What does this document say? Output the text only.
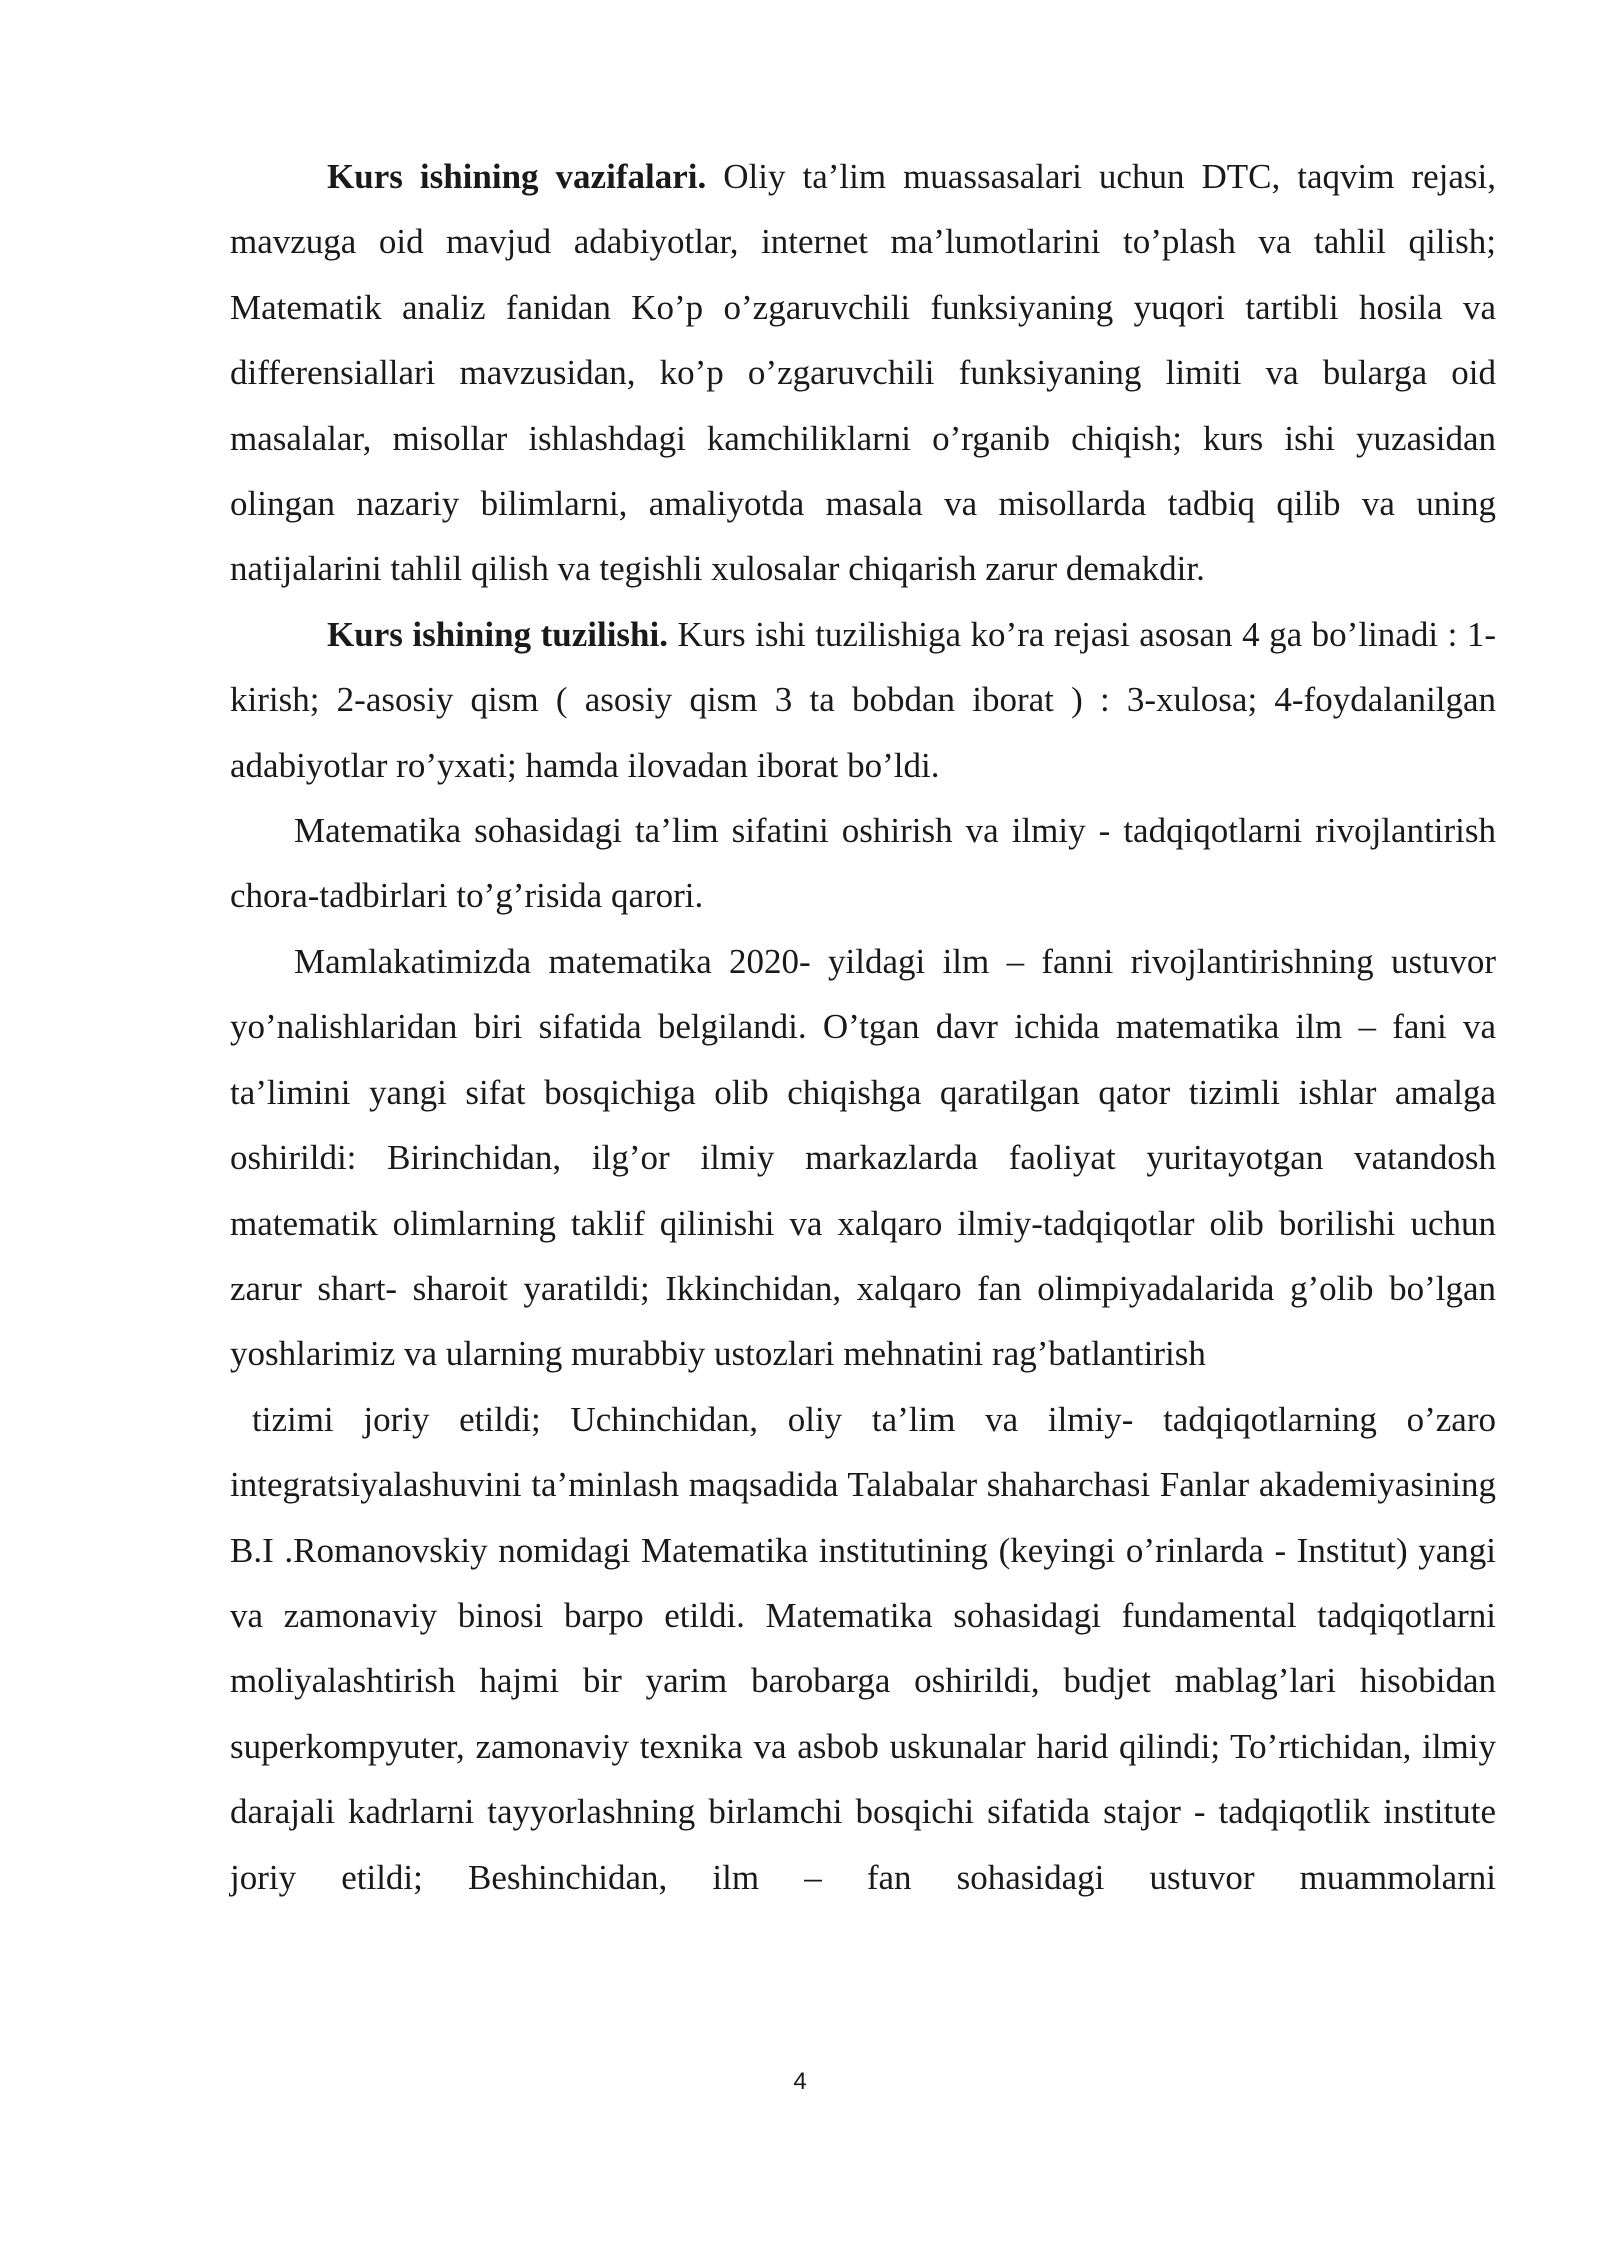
Kurs ishining vazifalari. Oliy ta’lim muassasalari uchun DTC, taqvim rejasi, mavzuga oid mavjud adabiyotlar, internet ma’lumotlarini to’plash va tahlil qilish; Matematik analiz fanidan Ko’p o’zgaruvchili funksiyaning yuqori tartibli hosila va differensiallari mavzusidan, ko’p o’zgaruvchili funksiyaning limiti va bularga oid masalalar, misollar ishlashdagi kamchiliklarni o’rganib chiqish; kurs ishi yuzasidan olingan nazariy bilimlarni, amaliyotda masala va misollarda tadbiq qilib va uning natijalarini tahlil qilish va tegishli xulosalar chiqarish zarur demakdir.

Kurs ishining tuzilishi. Kurs ishi tuzilishiga ko’ra rejasi asosan 4 ga bo’linadi : 1-kirish; 2-asosiy qism ( asosiy qism 3 ta bobdan iborat ) : 3-xulosa; 4-foydalanilgan adabiyotlar ro’yxati; hamda ilovadan iborat bo’ldi.

Matematika sohasidagi ta’lim sifatini oshirish va ilmiy - tadqiqotlarni rivojlantirish chora-tadbirlari to’g’risida qarori.

Mamlakatimizda matematika 2020- yildagi ilm – fanni rivojlantirishning ustuvor yo’nalishlaridan biri sifatida belgilandi. O’tgan davr ichida matematika ilm – fani va ta’limini yangi sifat bosqichiga olib chiqishga qaratilgan qator tizimli ishlar amalga oshirildi: Birinchidan, ilg’or ilmiy markazlarda faoliyat yuritayotgan vatandosh matematik olimlarning taklif qilinishi va xalqaro ilmiy-tadqiqotlar olib borilishi uchun zarur shart- sharoit yaratildi; Ikkinchidan, xalqaro fan olimpiyadalarida g’olib bo’lgan yoshlarimiz va ularning murabbiy ustozlari mehnatini rag’batlantirish

tizimi joriy etildi; Uchinchidan, oliy ta’lim va ilmiy- tadqiqotlarning o’zaro integratsiyalashuvini ta’minlash maqsadida Talabalar shaharchasi Fanlar akademiyasining B.I .Romanovskiy nomidagi Matematika institutining (keyingi o’rinlarda - Institut) yangi va zamonaviy binosi barpo etildi. Matematika sohasidagi fundamental tadqiqotlarni moliyalashtirish hajmi bir yarim barobarga oshirildi, budjet mablag’lari hisobidan superkompyuter, zamonaviy texnika va asbob uskunalar harid qilindi; To’rtichidan, ilmiy darajali kadrlarni tayyorlashning birlamchi bosqichi sifatida stajor - tadqiqotlik institute joriy etildi; Beshinchidan, ilm – fan sohasidagi ustuvor muammolarni

4
